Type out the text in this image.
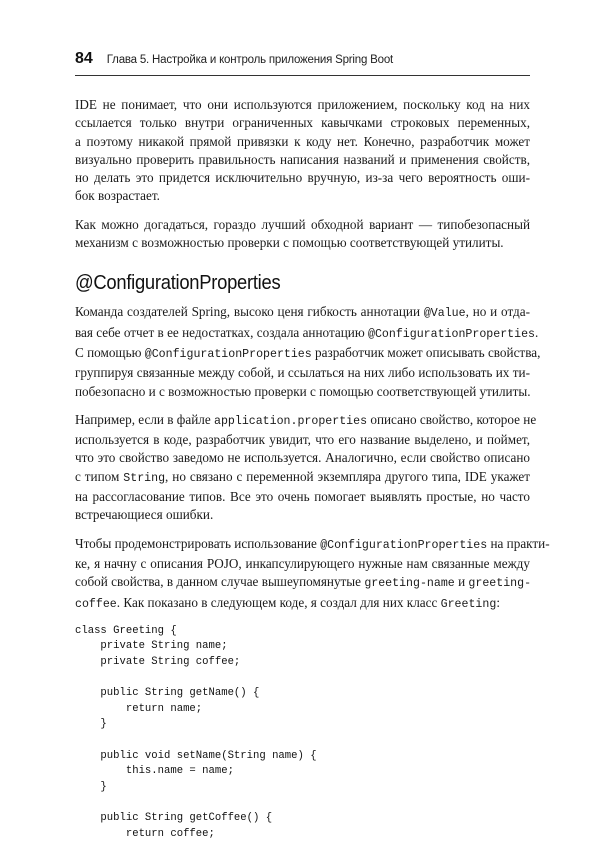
84 Глава 5. Настройка и контроль приложения Spring Boot

IDE не понимает, что они используются приложением, поскольку код на них
ссылается только внутри ограниченных кавычками строковых переменных,
а поэтому никакой прямой привязки к коду нет. Конечно, разработчик может
визуально проверить правильность написания названий и применения свойств,
но делать это придется исключительно вручную, из-за чего вероятность оши-
бок возрастает.

Как можно догадаться, гораздо лучший обходной вариант — типобезопасный
механизм с возможностью проверки с помощью соответствующей утилиты.

@ConfigurationProperties

Команда создателей Spring, высоко ценя гибкость аннотации @Value, но и отда-
вая себе отчет в ее недостатках, создала аннотацию @ConfigurationProperties.
С помощью @ConfigurationProperties разработчик может описывать свойства,
группируя связанные между собой, и ссылаться на них либо использовать их ти-
побезопасно и с возможностью проверки с помощью соответствующей утилиты.

Например, если в файле application.properties описано свойство, которое не
используется в коде, разработчик увидит, что его название выделено, и поймет,
что это свойство заведомо не используется. Аналогично, если свойство описано
с типом String, но связано с переменной экземпляра другого типа, IDE укажет
на рассогласование типов. Все это очень помогает выявлять простые, но часто
встречающиеся ошибки.

Чтобы продемонстрировать использование @ConfigurationProperties на практи-
ке, я начну с описания POJO, инкапсулирующего нужные нам связанные между
собой свойства, в данном случае вышеупомянутые greeting-name и greeting-
coffee. Как показано в следующем коде, я создал для них класс Greeting:

class Greeting {
private String name;
private String coffee;

public String getName() {
return name;
}

public void setName(String name) {
this.name = name;
}

public String getCoffee() {
return coffee;
